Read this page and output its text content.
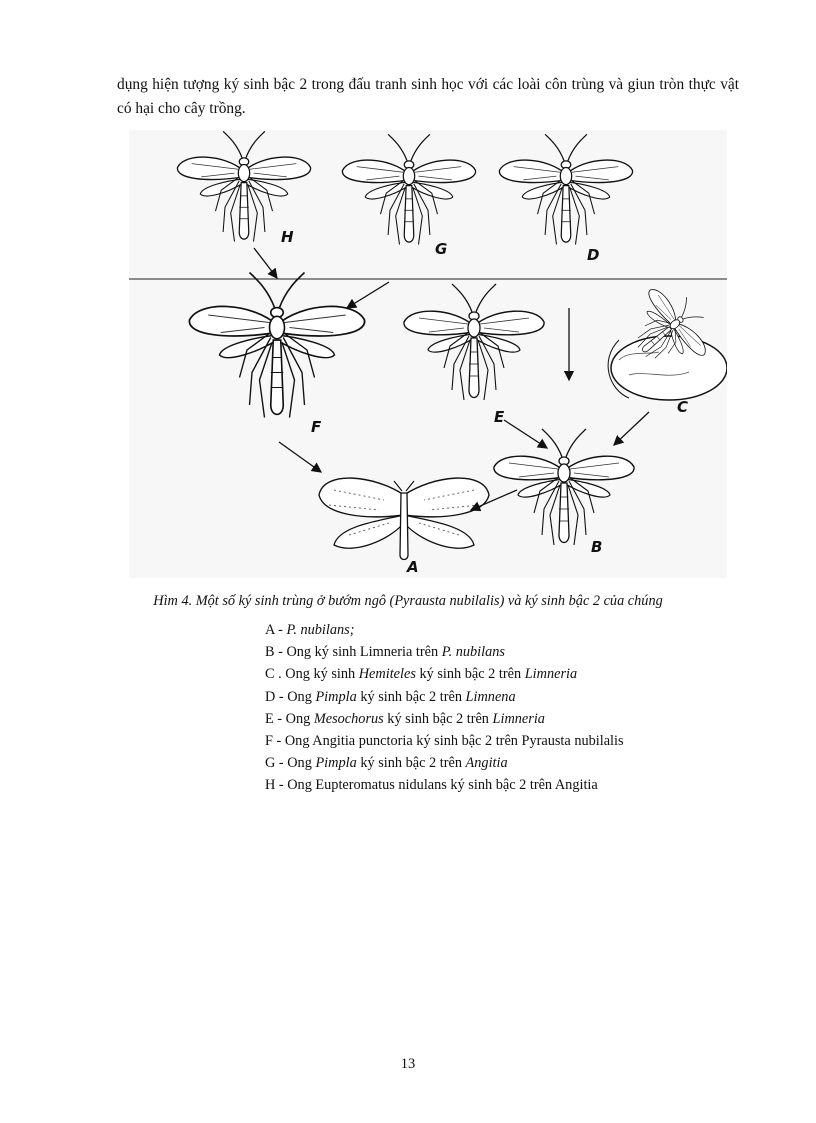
dụng hiện tượng ký sinh bậc 2 trong đấu tranh sinh học với các loài côn trùng và giun tròn thực vật có hại cho cây trồng.

H
G	D
F
E
C
B
A

Hìm 4. Một số ký sinh trùng ở bướm ngô (Pyrausta nubilalis) và ký sinh bậc 2 của chúng

A - P. nubilans;
B - Ong ký sinh Limneria trên P. nubilans
C . Ong ký sinh Hemiteles ký sinh bậc 2 trên Limneria
D - Ong Pimpla ký sinh bậc 2 trên Limnena
E - Ong Mesochorus ký sinh bậc 2 trên Limneria
F - Ong Angitia punctoria ký sinh bậc 2 trên Pyrausta nubilalis
G - Ong Pimpla ký sinh bậc 2 trên Angitia
H - Ong Eupteromatus nidulans ký sinh bậc 2 trên Angitia
13
